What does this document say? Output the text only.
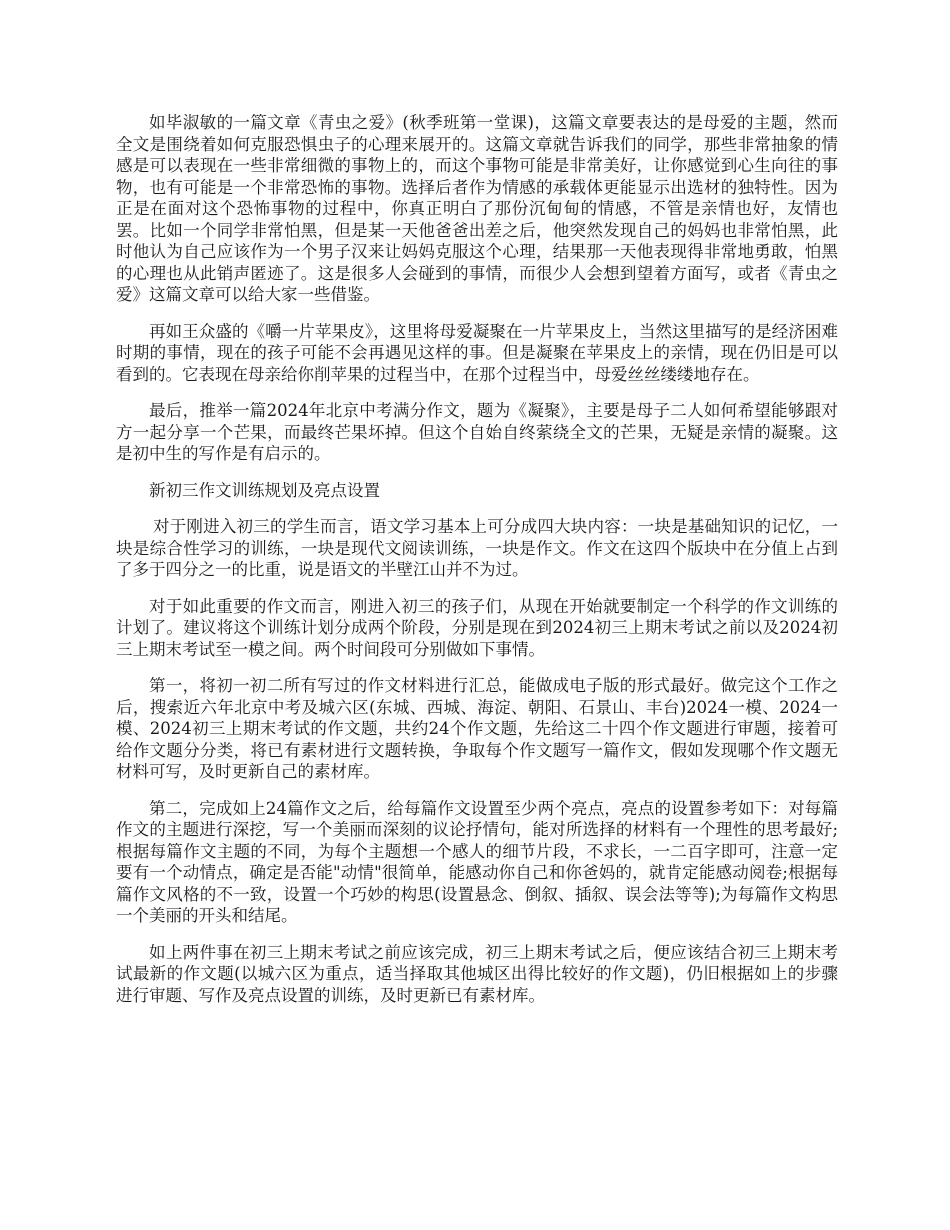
如毕淑敏的一篇文章《青虫之爱》(秋季班第一堂课)，这篇文章要表达的是母爱的主题，然而全文是围绕着如何克服恐惧虫子的心理来展开的。这篇文章就告诉我们的同学，那些非常抽象的情感是可以表现在一些非常细微的事物上的，而这个事物可能是非常美好，让你感觉到心生向往的事物，也有可能是一个非常恐怖的事物。选择后者作为情感的承载体更能显示出选材的独特性。因为正是在面对这个恐怖事物的过程中，你真正明白了那份沉甸甸的情感，不管是亲情也好，友情也罢。比如一个同学非常怕黑，但是某一天他爸爸出差之后，他突然发现自己的妈妈也非常怕黑，此时他认为自己应该作为一个男子汉来让妈妈克服这个心理，结果那一天他表现得非常地勇敢，怕黑的心理也从此销声匿迹了。这是很多人会碰到的事情，而很少人会想到望着方面写，或者《青虫之爱》这篇文章可以给大家一些借鉴。

再如王众盛的《嚼一片苹果皮》，这里将母爱凝聚在一片苹果皮上，当然这里描写的是经济困难时期的事情，现在的孩子可能不会再遇见这样的事。但是凝聚在苹果皮上的亲情，现在仍旧是可以看到的。它表现在母亲给你削苹果的过程当中，在那个过程当中，母爱丝丝缕缕地存在。

最后，推举一篇2024年北京中考满分作文，题为《凝聚》，主要是母子二人如何希望能够跟对方一起分享一个芒果，而最终芒果坏掉。但这个自始自终萦绕全文的芒果，无疑是亲情的凝聚。这是初中生的写作是有启示的。

新初三作文训练规划及亮点设置

对于刚进入初三的学生而言，语文学习基本上可分成四大块内容：一块是基础知识的记忆，一块是综合性学习的训练，一块是现代文阅读训练，一块是作文。作文在这四个版块中在分值上占到了多于四分之一的比重，说是语文的半壁江山并不为过。

对于如此重要的作文而言，刚进入初三的孩子们，从现在开始就要制定一个科学的作文训练的计划了。建议将这个训练计划分成两个阶段，分别是现在到2024初三上期末考试之前以及2024初三上期末考试至一模之间。两个时间段可分别做如下事情。

第一，将初一初二所有写过的作文材料进行汇总，能做成电子版的形式最好。做完这个工作之后，搜索近六年北京中考及城六区(东城、西城、海淀、朝阳、石景山、丰台)2024一模、2024一模、2024初三上期末考试的作文题，共约24个作文题，先给这二十四个作文题进行审题，接着可给作文题分分类，将已有素材进行文题转换，争取每个作文题写一篇作文，假如发现哪个作文题无材料可写，及时更新自己的素材库。

第二，完成如上24篇作文之后，给每篇作文设置至少两个亮点，亮点的设置参考如下：对每篇作文的主题进行深挖，写一个美丽而深刻的议论抒情句，能对所选择的材料有一个理性的思考最好;根据每篇作文主题的不同，为每个主题想一个感人的细节片段，不求长，一二百字即可，注意一定要有一个动情点，确定是否能"动情"很简单，能感动你自己和你爸妈的，就肯定能感动阅卷;根据每篇作文风格的不一致，设置一个巧妙的构思(设置悬念、倒叙、插叙、误会法等等);为每篇作文构思一个美丽的开头和结尾。

如上两件事在初三上期末考试之前应该完成，初三上期末考试之后，便应该结合初三上期末考试最新的作文题(以城六区为重点，适当择取其他城区出得比较好的作文题)，仍旧根据如上的步骤进行审题、写作及亮点设置的训练，及时更新已有素材库。
